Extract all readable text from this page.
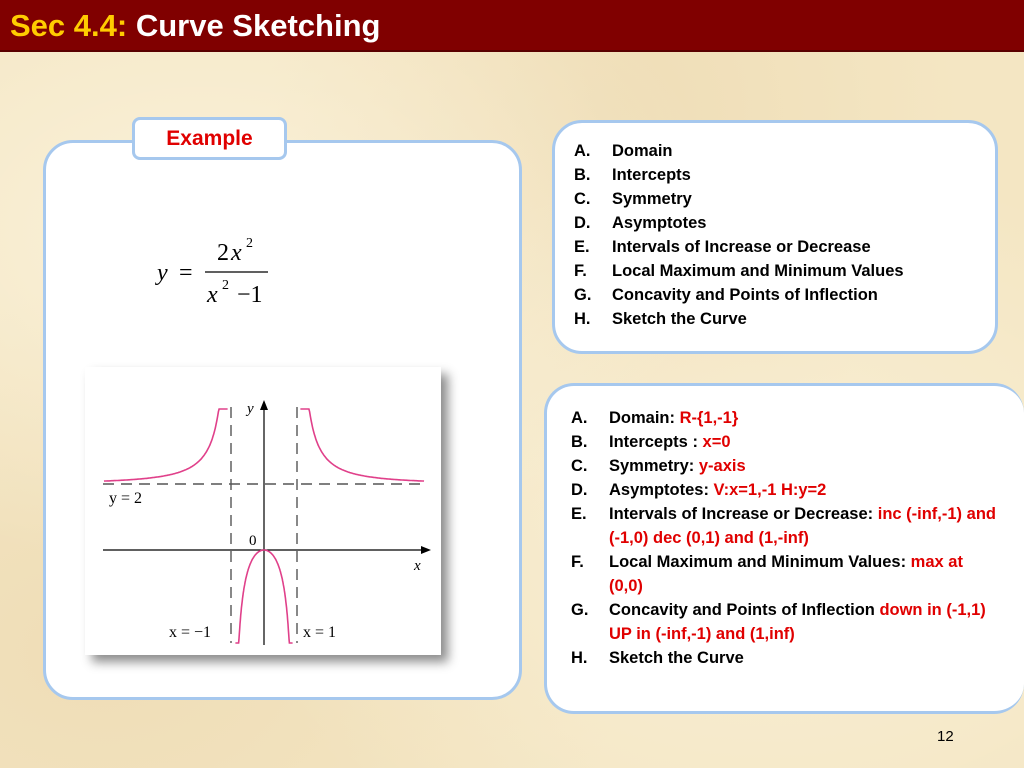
Sec 4.4: Curve Sketching
Example
y =
2 x 2
x 2 −1
y
x
y = 2
0
x = −1	x = 1
A. Domain
B. Intercepts
C. Symmetry
D. Asymptotes
E. Intervals of Increase or Decrease
F. Local Maximum and Minimum Values
G. Concavity and Points of Inflection
H. Sketch the Curve
A. Domain: R-{1,-1}
B. Intercepts : x=0
C. Symmetry: y-axis
D. Asymptotes: V:x=1,-1 H:y=2
E. Intervals of Increase or Decrease: inc (-inf,-1) and (-1,0) dec (0,1) and (1,-inf)
F. Local Maximum and Minimum Values: max at (0,0)
G. Concavity and Points of Inflection down in (-1,1) UP in (-inf,-1) and (1,inf)
H. Sketch the Curve
12
